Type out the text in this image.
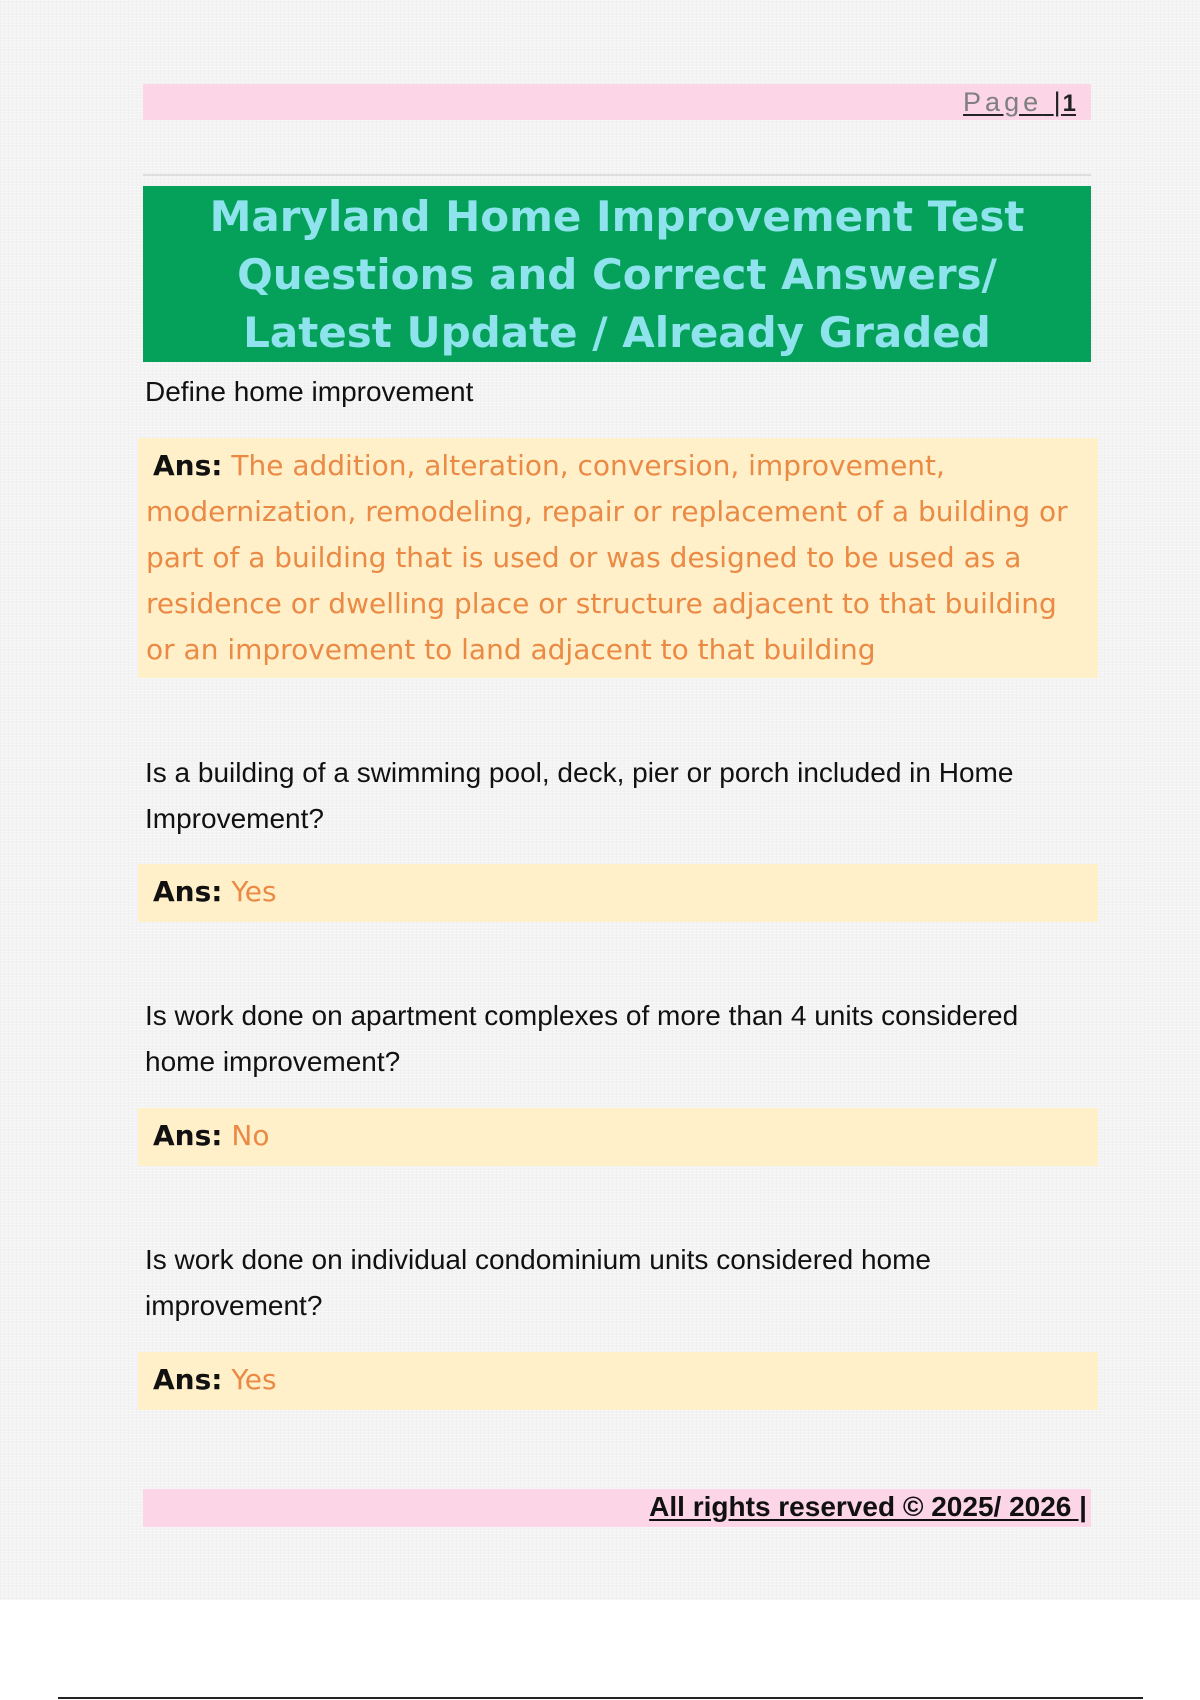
Page |1
Maryland Home Improvement Test Questions and Correct Answers/ Latest Update / Already Graded

Define home improvement

Ans: The addition, alteration, conversion, improvement, modernization, remodeling, repair or replacement of a building or part of a building that is used or was designed to be used as a residence or dwelling place or structure adjacent to that building or an improvement to land adjacent to that building

Is a building of a swimming pool, deck, pier or porch included in Home Improvement?

Ans: Yes

Is work done on apartment complexes of more than 4 units considered home improvement?

Ans: No

Is work done on individual condominium units considered home improvement?

Ans: Yes

All rights reserved © 2025/ 2026 |
